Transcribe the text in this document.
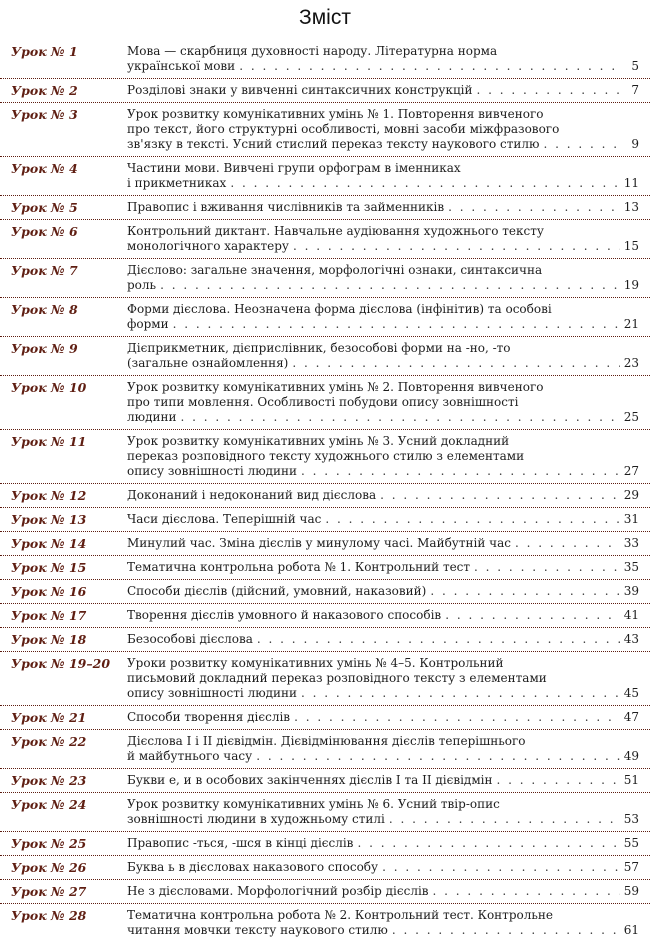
Зміст
Урок № 1	Мова — скарбниця духовності народу. Літературна норма
української мови . . .	5
Урок № 2	Розділові знаки у вивченні синтаксичних конструкцій . . .	7
Урок № 3	Урок розвитку комунікативних умінь № 1. Повторення вивченого
про текст, його структурні особливості, мовні засоби міжфразового
зв'язку в тексті. Усний стислий переказ тексту наукового стилю . . .	9
Урок № 4	Частини мови. Вивчені групи орфограм в іменниках
і прикметниках . . .	11
Урок № 5	Правопис і вживання числівників та займенників . . .	13
Урок № 6	Контрольний диктант. Навчальне аудіювання художнього тексту
монологічного характеру . . .	15
Урок № 7	Дієслово: загальне значення, морфологічні ознаки, синтаксична
роль . . .	19
Урок № 8	Форми дієслова. Неозначена форма дієслова (інфінітив) та особові
форми . . .	21
Урок № 9	Дієприкметник, дієприслівник, безособові форми на -но, -то
(загальне ознайомлення) . . .	23
Урок № 10	Урок розвитку комунікативних умінь № 2. Повторення вивченого
про типи мовлення. Особливості побудови опису зовнішності
людини . . .	25
Урок № 11	Урок розвитку комунікативних умінь № 3. Усний докладний
переказ розповідного тексту художнього стилю з елементами
опису зовнішності людини . . .	27
Урок № 12	Доконаний і недоконаний вид дієслова . . .	29
Урок № 13	Часи дієслова. Теперішній час . . .	31
Урок № 14	Минулий час. Зміна дієслів у минулому часі. Майбутній час . . .	33
Урок № 15	Тематична контрольна робота № 1. Контрольний тест . . .	35
Урок № 16	Способи дієслів (дійсний, умовний, наказовий) . . .	39
Урок № 17	Творення дієслів умовного й наказового способів . . .	41
Урок № 18	Безособові дієслова . . .	43
Урок № 19–20 Уроки розвитку комунікативних умінь № 4–5. Контрольний
письмовий докладний переказ розповідного тексту з елементами
опису зовнішності людини . . .	45
Урок № 21	Способи творення дієслів . . .	47
Урок № 22	Дієслова I і II дієвідмін. Дієвідмінювання дієслів теперішнього
й майбутнього часу . . .	49
Урок № 23	Букви е, и в особових закінченнях дієслів I та II дієвідмін . . .	51
Урок № 24	Урок розвитку комунікативних умінь № 6. Усний твір-опис
зовнішності людини в художньому стилі . . .	53
Урок № 25	Правопис -ться, -шся в кінці дієслів . . .	55
Урок № 26	Буква ь в дієсловах наказового способу . . .	57
Урок № 27	Не з дієсловами. Морфологічний розбір дієслів . . .	59
Урок № 28	Тематична контрольна робота № 2. Контрольний тест. Контрольне
читання мовчки тексту наукового стилю . . .	61
